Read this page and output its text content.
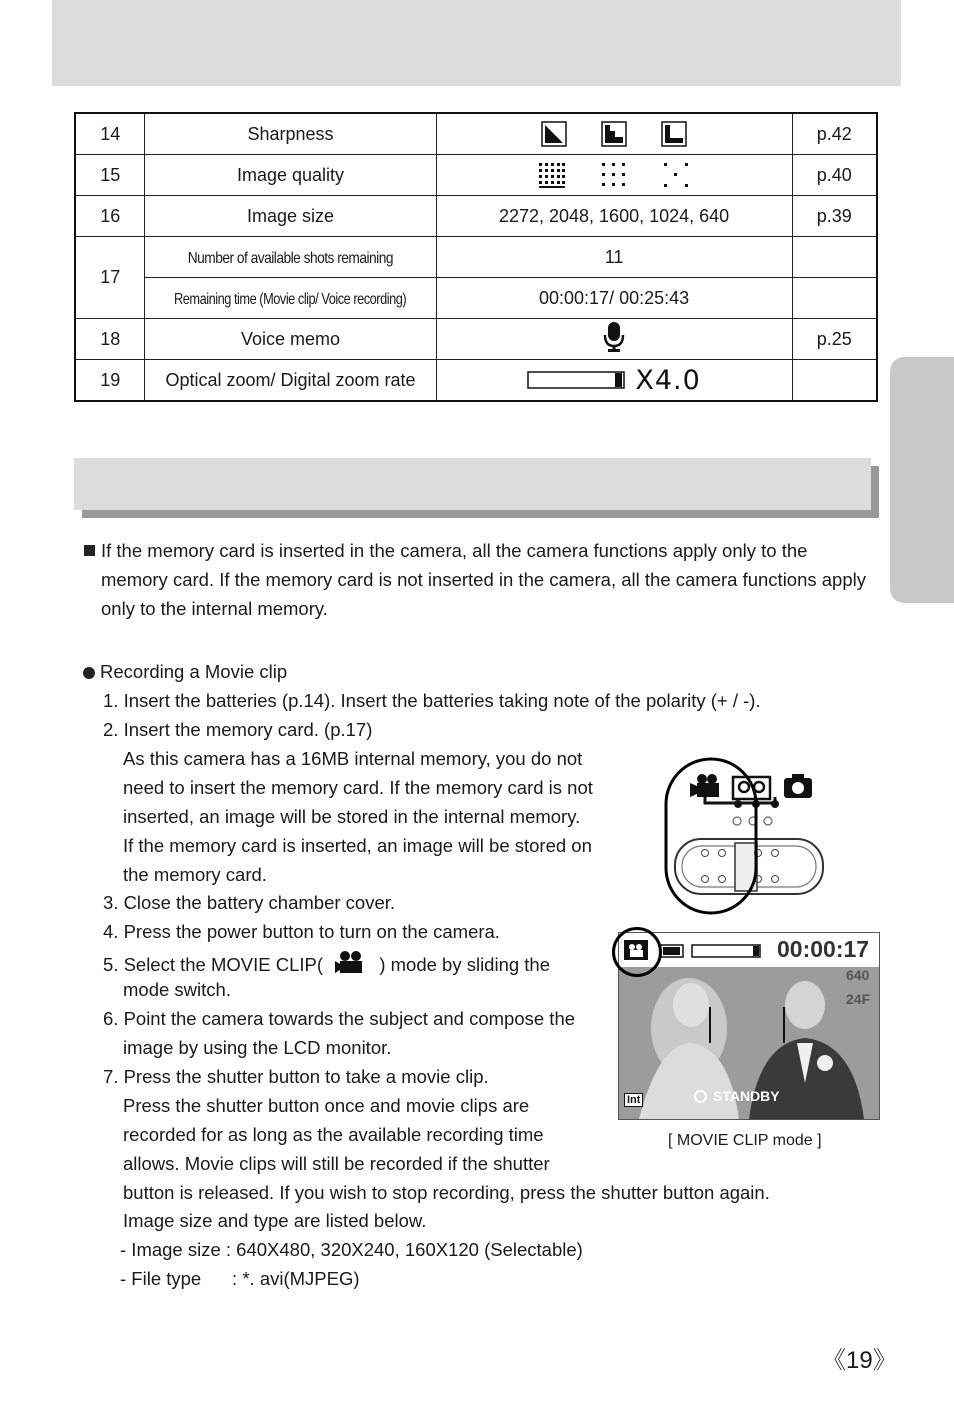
14	Sharpness		p.42
15	Image quality		p.40
16	Image size	2272, 2048, 1600, 1024, 640	p.39
17	Number of available shots remaining	11	
	Remaining time (Movie clip/ Voice recording)	00:00:17/ 00:25:43	
18	Voice memo		p.25
19	Optical zoom/ Digital zoom rate	X4.0	

If the memory card is inserted in the camera, all the camera functions apply only to the
memory card. If the memory card is not inserted in the camera, all the camera functions apply
only to the internal memory.
Recording a Movie clip
1. Insert the batteries (p.14). Insert the batteries taking note of the polarity (+ / -).
2. Insert the memory card. (p.17)
As this camera has a 16MB internal memory, you do not
need to insert the memory card. If the memory card is not
inserted, an image will be stored in the internal memory.
If the memory card is inserted, an image will be stored on
the memory card.
3. Close the battery chamber cover.
4. Press the power button to turn on the camera.
5. Select the MOVIE CLIP(	) mode by sliding the
mode switch.
6. Point the camera towards the subject and compose the
image by using the LCD monitor.
7. Press the shutter button to take a movie clip.
Press the shutter button once and movie clips are
recorded for as long as the available recording time
allows. Movie clips will still be recorded if the shutter
button is released. If you wish to stop recording, press the shutter button again.
Image size and type are listed below.
- Image size : 640X480, 320X240, 160X120 (Selectable)
- File type      : *. avi(MJPEG)
00:00:17
640
24F
Int	STANDBY
[ MOVIE CLIP mode ]
《19》
